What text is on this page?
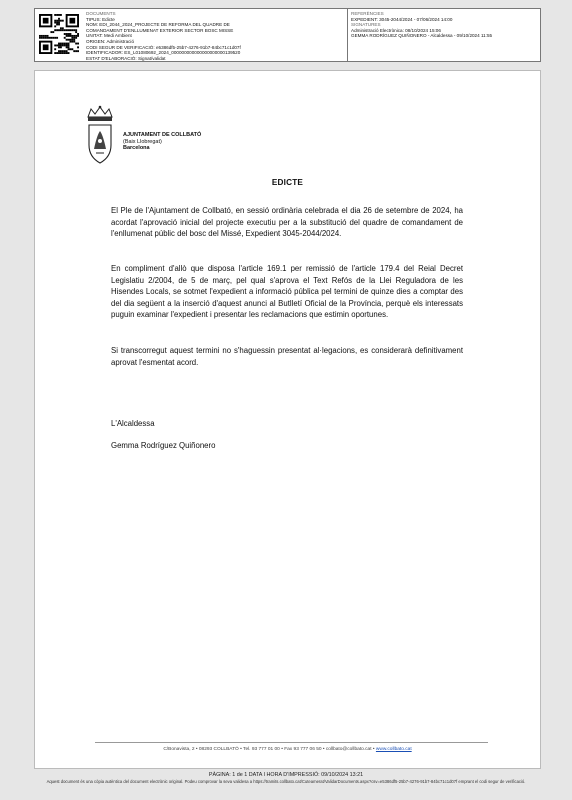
DOCUMENTS
TIPUS: Edicte
NOM: EDI_2044_2024_PROJECTE DE REFORMA DEL QUADRE DE
COMANDAMENT D'ENLLUMENAT EXTERIOR SECTOR BOSC MISSE
UNITAT: Medi Ambient
ORIGEN: Administració
CODI SEGUR DE VERIFICACIÓ: e5386df5-25b7-4276-91b7-84bc71c1d07f
IDENTIFICADOR: ES_L01080692_2024_000000000000000000000139520
ESTAT D'ELABORACIÓ: Signat/validat
REFERÈNCIES
EXPEDIENT: 3045-2044/2024 - 07/06/2024 14:00
SIGNATURES
Administració Electrònica: 08/10/2024 15:06
GEMMA RODRÍGUEZ QUIÑONERO - Alcaldessa - 09/10/2024 11:55
AJUNTAMENT DE COLLBATÓ
(Baix Llobregat)
Barcelona
EDICTE
El Ple de l'Ajuntament de Collbató, en sessió ordinària celebrada el dia 26 de setembre de 2024, ha acordat l'aprovació inicial del projecte executiu per a la substitució del quadre de comandament de l'enllumenat públic del bosc del Missé, Expedient 3045-2044/2024.
En compliment d'allò que disposa l'article 169.1 per remissió de l'article 179.4 del Reial Decret Legislatiu 2/2004, de 5 de març, pel qual s'aprova el Text Refós de la Llei Reguladora de les Hisendes Locals, se sotmet l'expedient a informació pública pel termini de quinze dies a comptar des del dia següent a la inserció d'aquest anunci al Butlletí Oficial de la Província, perquè els interessats puguin examinar l'expedient i presentar les reclamacions que estimin oportunes.
Si transcorregut aquest termini no s'haguessin presentat al·legacions, es considerarà definitivament aprovat l'esmentat acord.
L'Alcaldessa
Gemma Rodríguez Quiñonero
C/Bonavista, 2 • 08293 COLLBATÓ • Tel. 93 777 01 00 • Fax 93 777 06 50 • collbato@collbato.cat • www.collbato.cat
PÀGINA: 1 de 1 DATA I HORA D'IMPRESSIÓ: 09/10/2024 13:21
Aquest document és una còpia autèntica del document electrònic original. Podeu comprovar la seva validesa a https://tramits.collbato.cat/Cuteamerat/ValidarDocuments.aspx?csv=e5386df5-25b7-4276-91b7-84bc71c1d07f emprant el codi segur de verificació.
